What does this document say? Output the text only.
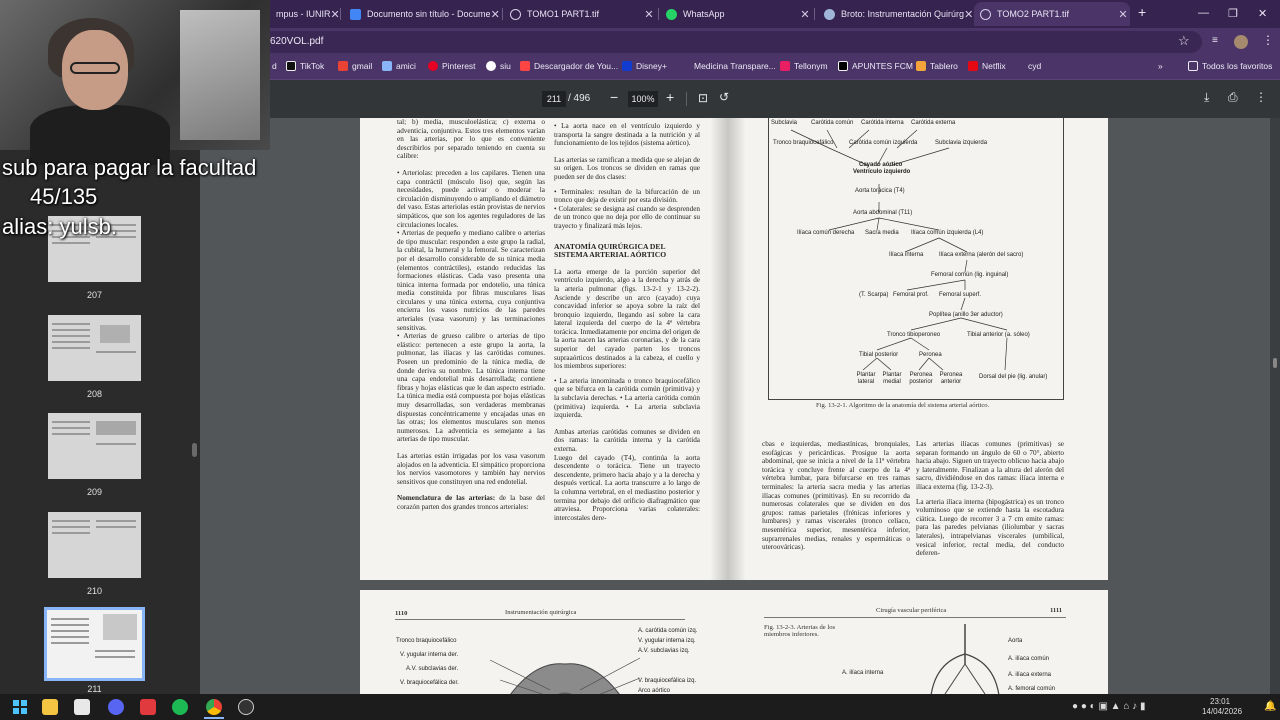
mpus - IUNIR ✕	Documento sin título - Docume ✕	TOMO1 PART1.tif	✕	WhatsApp	✕	Broto: Instrumentación Quirúrg ✕	TOMO2 PART1.tif	✕ +	— ❐ ✕
620VOL.pdf	☆ ≡	⋮
d	TikTok	gmail	amici	Pinterest	siu	Descargador de You... Disney+	Medicina Transpare... Tellonym	APUNTES FCM Tablero	Netflix	cyd	»	Todos los favoritos
211 / 496 −	100% + ⊡ ↺	⤓ ⎙ ⋮
207
208
209
210
211

tal; b) media, musculoelástica; c) externa o adventicia, conjuntiva. Estos tres elementos varían en las arterias, por lo que es conveniente describirlos por separado teniendo en cuenta su calibre:

• Arteriolas: preceden a los capilares. Tienen una capa contráctil (músculo liso) que, según las necesidades, puede activar o moderar la circulación disminuyendo o ampliando el diámetro del vaso. Estas arteriolas están provistas de nervios simpáticos, que son los agentes reguladores de las circulaciones locales.

• Arterias de pequeño y mediano calibre o arterias de tipo muscular: responden a este grupo la radial, la cubital, la humeral y la femoral. Se caracterizan por el desarrollo considerable de su túnica media (elementos contráctiles), estando reducidas las formaciones elásticas. Cada vaso presenta una túnica interna formada por endotelio, una túnica media constituida por fibras musculares lisas circulares y una túnica externa, cuya conjuntiva encierra los vasos nutricios de las paredes arteriales (vasa vasorum) y las terminaciones sensitivas.

• Arterias de grueso calibre o arterias de tipo elástico: pertenecen a este grupo la aorta, la pulmonar, las ilíacas y las carótidas comunes. Poseen un predominio de la túnica media, de donde deriva su nombre. La túnica interna tiene una capa endotelial más desarrollada; contiene fibras y hojas elásticas que le dan aspecto estriado. La túnica media está compuesta por hojas elásticas muy desarrolladas, son verdaderas membranas dispuestas concéntricamente y encajadas unas en las otras; los elementos musculares son menos numerosos. La adventicia es semejante a las arterias de tipo muscular.

Las arterias están irrigadas por los vasa vasorum alojados en la adventicia. El simpático proporciona los nervios vasomotores y también hay nervios sensitivos que constituyen una red endotelial.

Nomenclatura de las arterias: de la base del corazón parten dos grandes troncos arteriales:

• La aorta nace en el ventrículo izquierdo y transporta la sangre destinada a la nutrición y al funcionamiento de los tejidos (sistema aórtico).

Las arterias se ramifican a medida que se alejan de su origen. Los troncos se dividen en ramas que pueden ser de dos clases:

• Terminales: resultan de la bifurcación de un tronco que deja de existir por esta división.

• Colaterales: se designa así cuando se desprenden de un tronco que no deja por ello de continuar su trayecto y finalizará más lejos.

ANATOMÍA QUIRÚRGICA DEL SISTEMA ARTERIAL AÓRTICO

La aorta emerge de la porción superior del ventrículo izquierdo, algo a la derecha y atrás de la arteria pulmonar (figs. 13-2-1 y 13-2-2). Asciende y describe un arco (cayado) cuya concavidad inferior se apoya sobre la raíz del bronquio izquierdo, llegando así sobre la cara lateral izquierda del cuerpo de la 4ª vértebra torácica. Inmediatamente por encima del origen de la aorta nacen las arterias coronarias, y de la cara superior del cayado parten los troncos supraaórticos destinados a la cabeza, el cuello y los miembros superiores:

• La arteria innominada o tronco braquiocefálico que se bifurca en la carótida común (primitiva) y la subclavia derechas. • La arteria carótida común (primitiva) izquierda. • La arteria subclavia izquierda.

Ambas arterias carótidas comunes se dividen en dos ramas: la carótida interna y la carótida externa.

Luego del cayado (T4), continúa la aorta descendente o torácica. Tiene un trayecto descendente, primero hacia abajo y a la derecha y después vertical. La aorta transcurre a lo largo de la columna vertebral, en el mediastino posterior y termina por debajo del orificio diafragmático que atraviesa. Proporciona varias colaterales: intercostales dere-

Subclavia Carótida común Carótida interna Carótida externa
Tronco braquiocefálico	Carótida común izquierda	Subclavia izquierda
Cayado aórtico
Ventrículo izquierdo
Aorta torácica (T4)
Aorta abdominal (T11)
Ilíaca común derecha Sacra media Ilíaca común izquierda (L4)
Ilíaca interna	Ilíaca externa (alerón del sacro)
Femoral común (lig. inguinal)
(T. Scarpa) Femoral prof. Femoral superf.
Poplítea (anillo 3er aductor)
Tronco tibioperoneo	Tibial anterior (a. sóleo)
Tibial posterior	Peronea
Plantar lateral
Plantar medial
Peronea posterior
Peronea anterior
Dorsal del pie (lig. anular)
Fig. 13-2-1. Algoritmo de la anatomía del sistema arterial aórtico.

cbas e izquierdas, mediastínicas, bronquiales, esofágicas y pericárdicas. Prosigue la aorta abdominal, que se inicia a nivel de la 11ª vértebra torácica y concluye frente al cuerpo de la 4ª vértebra lumbar, para bifurcarse en tres ramas terminales: la arteria sacra media y las arterias ilíacas comunes (primitivas). En su recorrido da numerosas colaterales que se dividen en dos grupos: ramas parietales (frénicas inferiores y lumbares) y ramas viscerales (tronco celíaco, mesentérica superior, mesentérica inferior, suprarrenales medias, renales y espermáticas o uteroováricas).

Las arterias ilíacas comunes (primitivas) se separan formando un ángulo de 60 o 70°, abierto hacia abajo. Siguen un trayecto oblicuo hacia abajo y lateralmente. Finalizan a la altura del alerón del sacro, dividiéndose en dos ramas: ilíaca interna e ilíaca externa (fig. 13-2-3).

La arteria ilíaca interna (hipogástrica) es un tronco voluminoso que se extiende hasta la escotadura ciática. Luego de recorrer 3 a 7 cm emite ramas: para las paredes pelvianas (iliolumbar y sacras laterales), intrapelvianas viscerales (umbilical, vesical inferior, rectal media, del conducto deferen-

1110	Instrumentación quirúrgica	Cirugía vascular periférica	1111
Fig. 13-2-3. Arterias de los miembros inferiores.
Tronco braquiocefálico
V. yugular interna der.
A.V. subclavias der.
V. braquiocefálica der.
A. carótida común izq.
V. yugular interna izq.
A.V. subclavias izq.
V. braquiocefálica izq.
Arco aórtico
Aorta
A. ilíaca común
A. ilíaca interna	A. ilíaca externa
A. femoral común
sub para pagar la facultad
45/135
alias: yulsb.
● ● ◐ ▣ ▲ ⌂ ♪ ▮	23:01
14/04/2026 🔔
